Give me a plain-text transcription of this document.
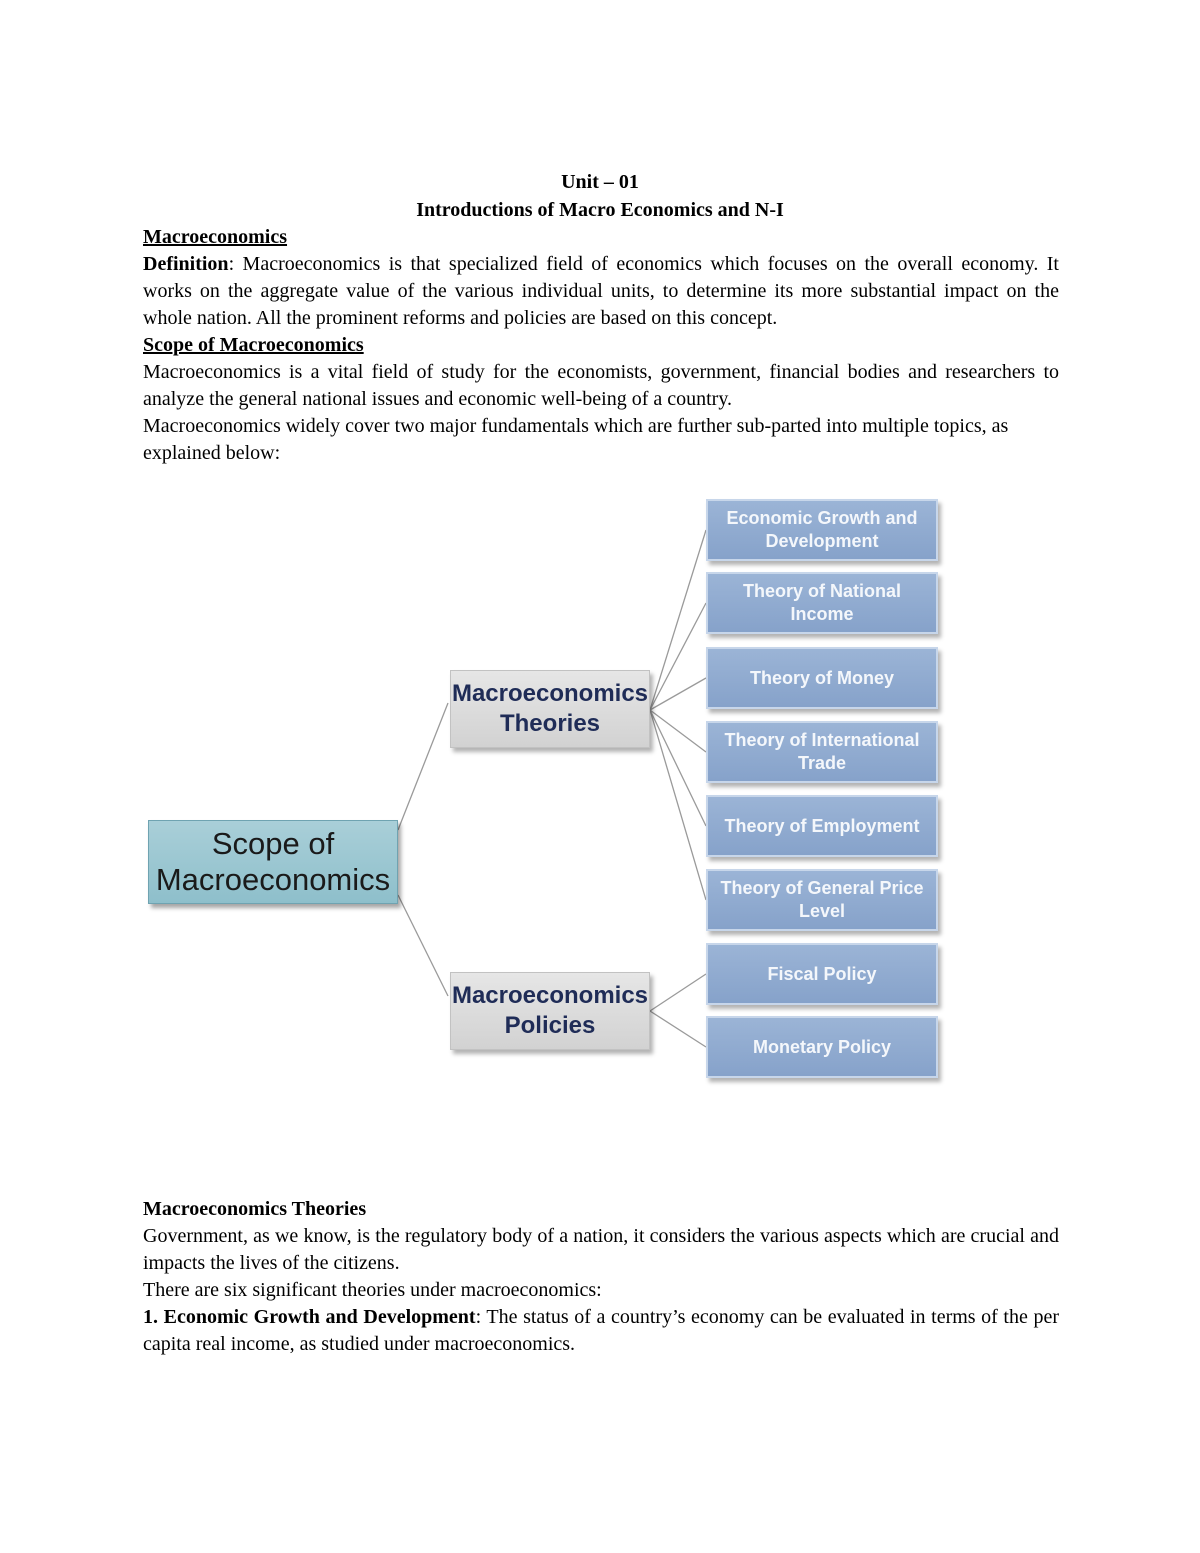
Unit – 01
Introductions of Macro Economics and N-I

Macroeconomics

Definition: Macroeconomics is that specialized field of economics which focuses on the overall economy. It works on the aggregate value of the various individual units, to determine its more substantial impact on the whole nation. All the prominent reforms and policies are based on this concept.

Scope of Macroeconomics

Macroeconomics is a vital field of study for the economists, government, financial bodies and researchers to analyze the general national issues and economic well-being of a country.

Macroeconomics widely cover two major fundamentals which are further sub-parted into multiple topics, as explained below:

Scope of Macroeconomics
Macroeconomics Theories
Macroeconomics Policies
Economic Growth and Development
Theory of National Income
Theory of Money
Theory of International Trade
Theory of Employment
Theory of General Price Level
Fiscal Policy
Monetary Policy

Macroeconomics Theories

Government, as we know, is the regulatory body of a nation, it considers the various aspects which are crucial and impacts the lives of the citizens.

There are six significant theories under macroeconomics:

1. Economic Growth and Development: The status of a country’s economy can be evaluated in terms of the per capita real income, as studied under macroeconomics.
